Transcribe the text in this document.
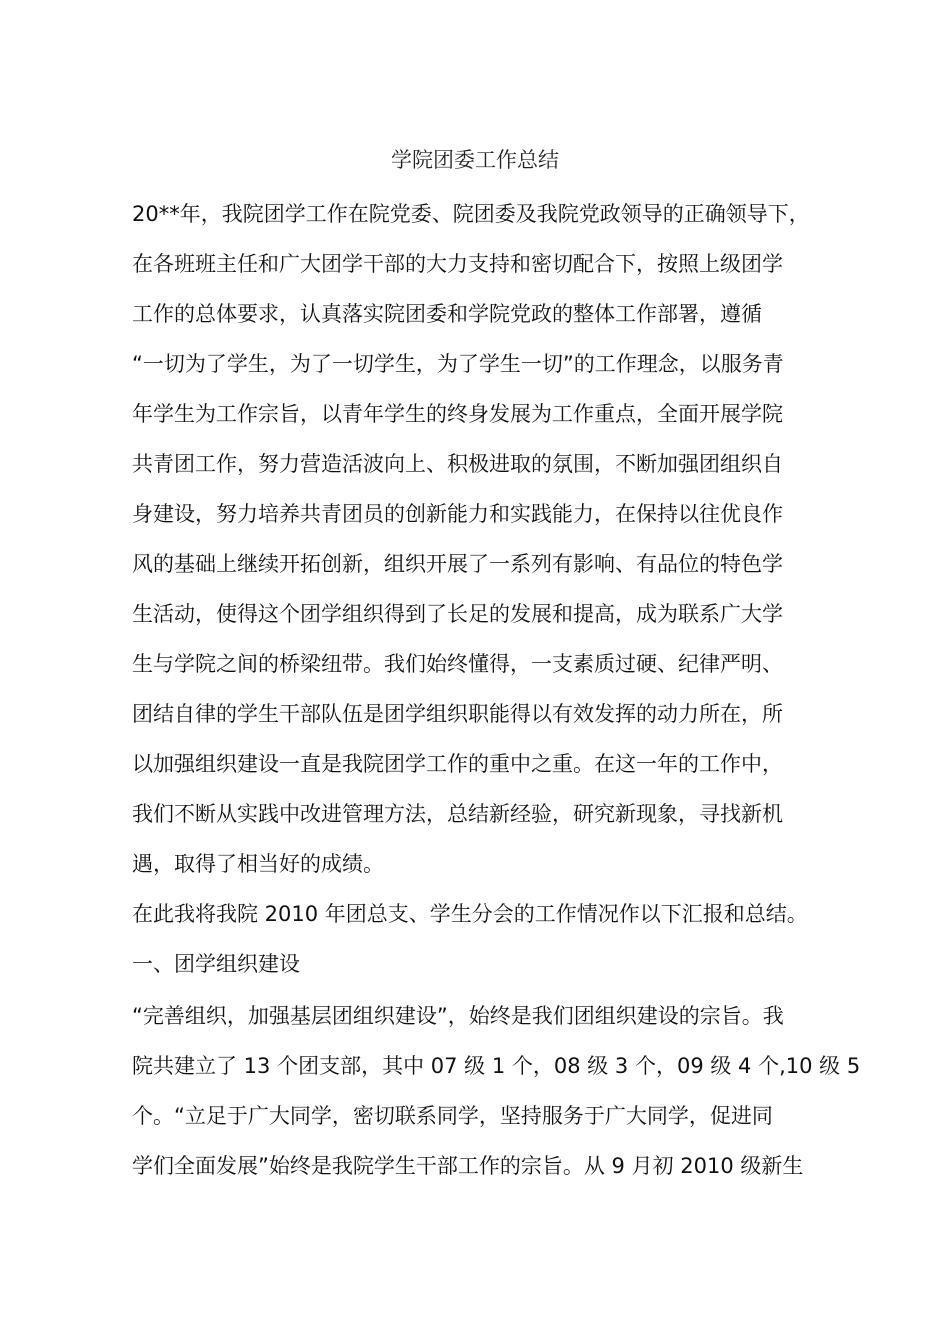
学院团委工作总结
20**年，我院团学工作在院党委、院团委及我院党政领导的正确领导下，
在各班班主任和广大团学干部的大力支持和密切配合下，按照上级团学
工作的总体要求，认真落实院团委和学院党政的整体工作部署，遵循
“一切为了学生，为了一切学生，为了学生一切”的工作理念，以服务青
年学生为工作宗旨，以青年学生的终身发展为工作重点，全面开展学院
共青团工作，努力营造活波向上、积极进取的氛围，不断加强团组织自
身建设，努力培养共青团员的创新能力和实践能力，在保持以往优良作
风的基础上继续开拓创新，组织开展了一系列有影响、有品位的特色学
生活动，使得这个团学组织得到了长足的发展和提高，成为联系广大学
生与学院之间的桥梁纽带。我们始终懂得，一支素质过硬、纪律严明、
团结自律的学生干部队伍是团学组织职能得以有效发挥的动力所在，所
以加强组织建设一直是我院团学工作的重中之重。在这一年的工作中，
我们不断从实践中改进管理方法，总结新经验，研究新现象，寻找新机
遇，取得了相当好的成绩。
在此我将我院 2010 年团总支、学生分会的工作情况作以下汇报和总结。
一、团学组织建设
“完善组织，加强基层团组织建设”，始终是我们团组织建设的宗旨。我
院共建立了 13 个团支部，其中 07 级 1 个，08 级 3 个，09 级 4 个,10 级 5
个。“立足于广大同学，密切联系同学，坚持服务于广大同学，促进同
学们全面发展”始终是我院学生干部工作的宗旨。从 9 月初 2010 级新生
